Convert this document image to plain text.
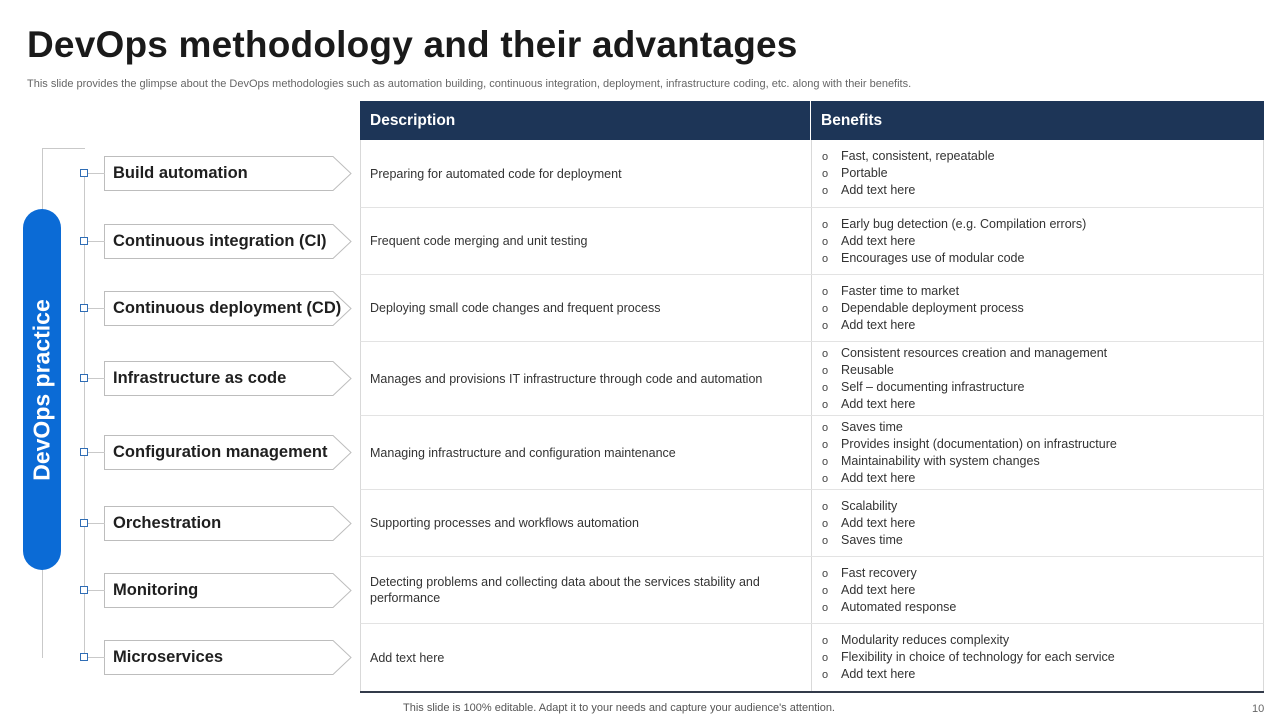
DevOps methodology and their advantages
This slide provides the glimpse about the DevOps methodologies such as automation building, continuous integration, deployment, infrastructure coding, etc. along with their benefits.
DevOps practice
Build automation
Continuous integration (CI)
Continuous deployment (CD)
Infrastructure as code
Configuration management
Orchestration
Monitoring
Microservices
Description	Benefits
Preparing for automated code for deployment
o Fast, consistent, repeatable
o Portable
o Add text here
Frequent code merging and unit testing
o Early bug detection (e.g. Compilation errors)
o Add text here
o Encourages use of modular code
Deploying small code changes and frequent process
o Faster time to market
o Dependable deployment process
o Add text here
Manages and provisions IT infrastructure through code and automation
o Consistent resources creation and management
o Reusable
o Self – documenting infrastructure
o Add text here
Managing infrastructure and configuration maintenance
o Saves time
o Provides insight (documentation) on infrastructure
o Maintainability with system changes
o Add text here
Supporting processes and workflows automation
o Scalability
o Add text here
o Saves time
Detecting problems and collecting data about the services stability and performance
o Fast recovery
o Add text here
o Automated response
Add text here
o Modularity reduces complexity
o Flexibility in choice of technology for each service
o Add text here
This slide is 100% editable. Adapt it to your needs and capture your audience's attention.	10
